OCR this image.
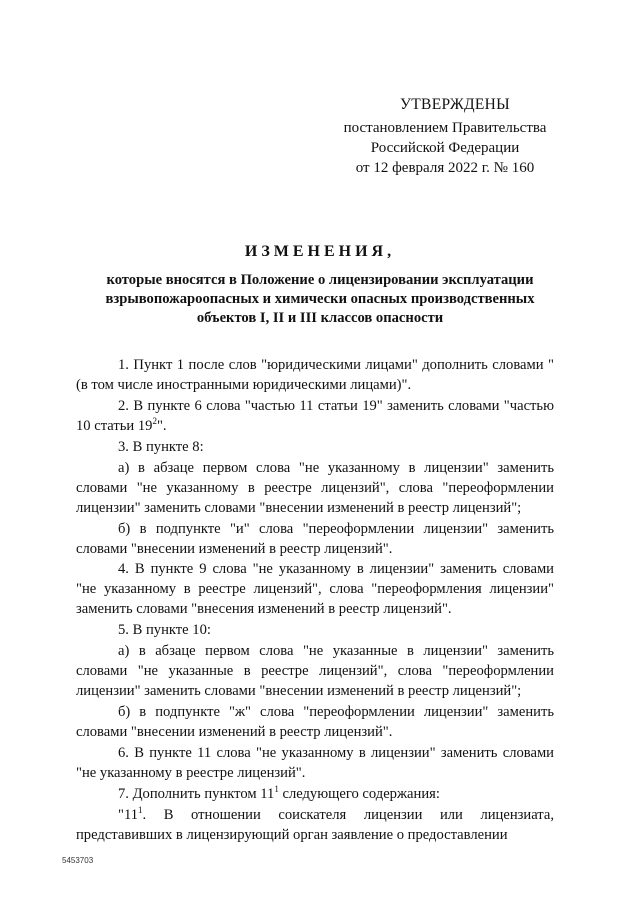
УТВЕРЖДЕНЫ
постановлением Правительства
Российской Федерации
от 12 февраля 2022 г. № 160
ИЗМЕНЕНИЯ,
которые вносятся в Положение о лицензировании эксплуатации
взрывопожароопасных и химически опасных производственных
объектов I, II и III классов опасности

1. Пункт 1 после слов "юридическими лицами" дополнить словами "(в том числе иностранными юридическими лицами)".

2. В пункте 6 слова "частью 11 статьи 19" заменить словами "частью 10 статьи $19^2$".

3. В пункте 8:

а) в абзаце первом слова "не указанному в лицензии" заменить словами "не указанному в реестре лицензий", слова "переоформлении лицензии" заменить словами "внесении изменений в реестр лицензий";

б) в подпункте "и" слова "переоформлении лицензии" заменить словами "внесении изменений в реестр лицензий".

4. В пункте 9 слова "не указанному в лицензии" заменить словами "не указанному в реестре лицензий", слова "переоформления лицензии" заменить словами "внесения изменений в реестр лицензий".

5. В пункте 10:

а) в абзаце первом слова "не указанные в лицензии" заменить словами "не указанные в реестре лицензий", слова "переоформлении лицензии" заменить словами "внесении изменений в реестр лицензий";

б) в подпункте "ж" слова "переоформлении лицензии" заменить словами "внесении изменений в реестр лицензий".

6. В пункте 11 слова "не указанному в лицензии" заменить словами "не указанному в реестре лицензий".

7. Дополнить пунктом $11^1$ следующего содержания:

"$11^1$. В отношении соискателя лицензии или лицензиата, представивших в лицензирующий орган заявление о предоставлении

5453703
